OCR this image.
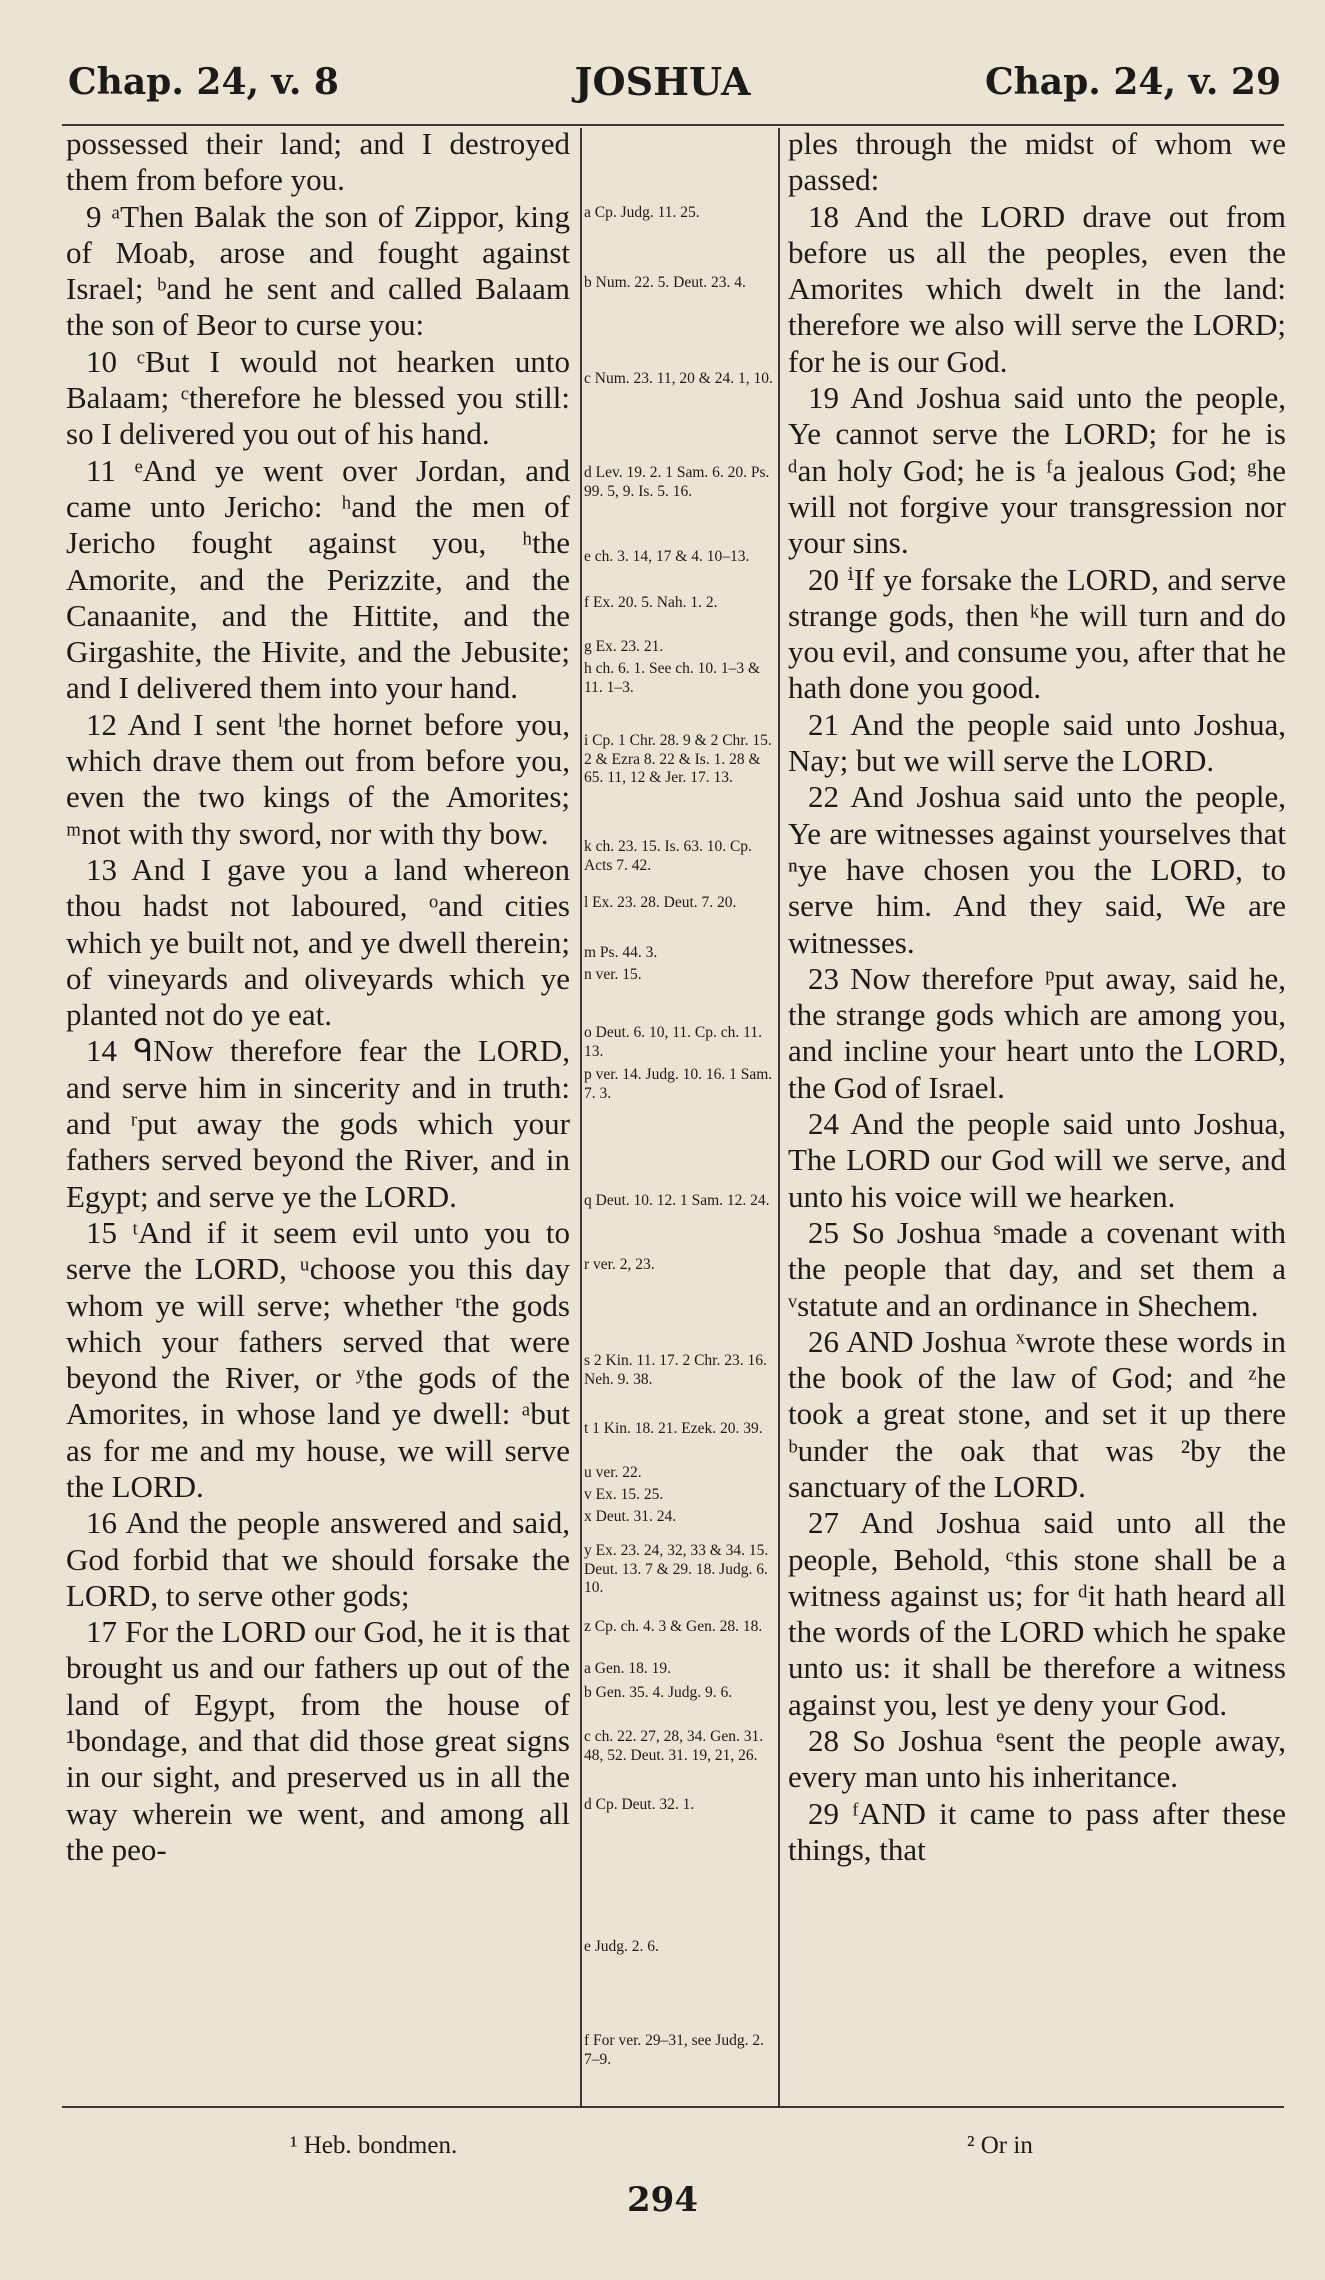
Chap. 24, v. 8	JOSHUA	Chap. 24, v. 29

possessed their land; and I destroyed them from before you.

9 ᵃThen Balak the son of Zippor, king of Moab, arose and fought against Israel; ᵇand he sent and called Balaam the son of Beor to curse you:

10 ᶜBut I would not hearken unto Balaam; ᶜtherefore he blessed you still: so I delivered you out of his hand.

11 ᵉAnd ye went over Jordan, and came unto Jericho: ʰand the men of Jericho fought against you, ʰthe Amorite, and the Perizzite, and the Canaanite, and the Hittite, and the Girgashite, the Hivite, and the Jebusite; and I delivered them into your hand.

12 And I sent ˡthe hornet before you, which drave them out from before you, even the two kings of the Amorites; ᵐnot with thy sword, nor with thy bow.

13 And I gave you a land whereon thou hadst not laboured, ᵒand cities which ye built not, and ye dwell therein; of vineyards and oliveyards which ye planted not do ye eat.

14 ᑫNow therefore fear the LORD, and serve him in sincerity and in truth: and ʳput away the gods which your fathers served beyond the River, and in Egypt; and serve ye the LORD.

15 ᵗAnd if it seem evil unto you to serve the LORD, ᵘchoose you this day whom ye will serve; whether ʳthe gods which your fathers served that were beyond the River, or ʸthe gods of the Amorites, in whose land ye dwell: ᵃbut as for me and my house, we will serve the LORD.

16 And the people answered and said, God forbid that we should forsake the LORD, to serve other gods;

17 For the LORD our God, he it is that brought us and our fathers up out of the land of Egypt, from the house of ¹bondage, and that did those great signs in our sight, and preserved us in all the way wherein we went, and among all the peo-

ples through the midst of whom we passed:

18 And the LORD drave out from before us all the peoples, even the Amorites which dwelt in the land: therefore we also will serve the LORD; for he is our God.

19 And Joshua said unto the people, Ye cannot serve the LORD; for he is ᵈan holy God; he is ᶠa jealous God; ᵍhe will not forgive your transgression nor your sins.

20 ⁱIf ye forsake the LORD, and serve strange gods, then ᵏhe will turn and do you evil, and consume you, after that he hath done you good.

21 And the people said unto Joshua, Nay; but we will serve the LORD.

22 And Joshua said unto the people, Ye are witnesses against yourselves that ⁿye have chosen you the LORD, to serve him. And they said, We are witnesses.

23 Now therefore ᵖput away, said he, the strange gods which are among you, and incline your heart unto the LORD, the God of Israel.

24 And the people said unto Joshua, The LORD our God will we serve, and unto his voice will we hearken.

25 So Joshua ˢmade a covenant with the people that day, and set them a ᵛstatute and an ordinance in Shechem.

26 AND Joshua ˣwrote these words in the book of the law of God; and ᶻhe took a great stone, and set it up there ᵇunder the oak that was ²by the sanctuary of the LORD.

27 And Joshua said unto all the people, Behold, ᶜthis stone shall be a witness against us; for ᵈit hath heard all the words of the LORD which he spake unto us: it shall be therefore a witness against you, lest ye deny your God.

28 So Joshua ᵉsent the people away, every man unto his inheritance.

29 ᶠAND it came to pass after these things, that

a Cp. Judg. 11. 25.
b Num. 22. 5. Deut. 23. 4.
c Num. 23. 11, 20 & 24. 1, 10.
d Lev. 19. 2. 1 Sam. 6. 20. Ps. 99. 5, 9. Is. 5. 16.
e ch. 3. 14, 17 & 4. 10–13.
f Ex. 20. 5. Nah. 1. 2.
g Ex. 23. 21.
h ch. 6. 1. See ch. 10. 1–3 & 11. 1–3.
i Cp. 1 Chr. 28. 9 & 2 Chr. 15. 2 & Ezra 8. 22 & Is. 1. 28 & 65. 11, 12 & Jer. 17. 13.
k ch. 23. 15. Is. 63. 10. Cp. Acts 7. 42.
l Ex. 23. 28. Deut. 7. 20.
m Ps. 44. 3.
n ver. 15.
o Deut. 6. 10, 11. Cp. ch. 11. 13.
p ver. 14. Judg. 10. 16. 1 Sam. 7. 3.
q Deut. 10. 12. 1 Sam. 12. 24.
r ver. 2, 23.
s 2 Kin. 11. 17. 2 Chr. 23. 16. Neh. 9. 38.
t 1 Kin. 18. 21. Ezek. 20. 39.
u ver. 22.
v Ex. 15. 25.
x Deut. 31. 24.
y Ex. 23. 24, 32, 33 & 34. 15. Deut. 13. 7 & 29. 18. Judg. 6. 10.
z Cp. ch. 4. 3 & Gen. 28. 18.
a Gen. 18. 19.
b Gen. 35. 4. Judg. 9. 6.
c ch. 22. 27, 28, 34. Gen. 31. 48, 52. Deut. 31. 19, 21, 26.
d Cp. Deut. 32. 1.
e Judg. 2. 6.
f For ver. 29–31, see Judg. 2. 7–9.
¹ Heb. bondmen.	² Or in
294
